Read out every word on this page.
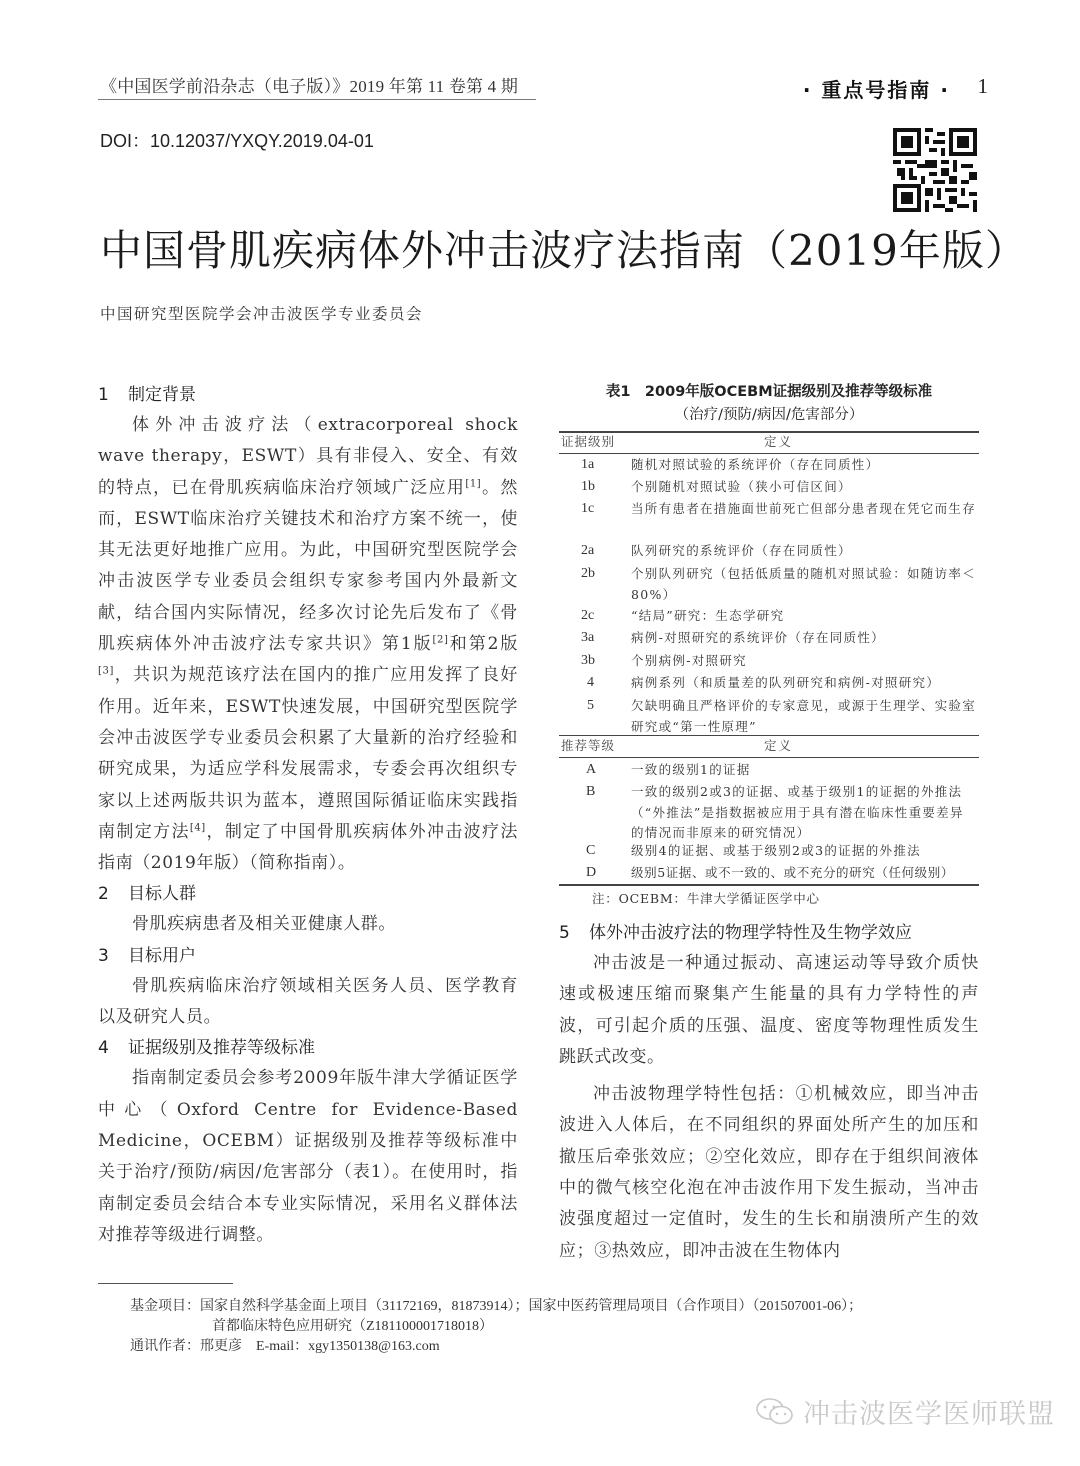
《中国医学前沿杂志（电子版）》2019 年第 11 卷第 4 期	· 重点号指南 · 1
DOI：10.12037/YXQY.2019.04-01
中国骨肌疾病体外冲击波疗法指南（2019年版）
中国研究型医院学会冲击波医学专业委员会
1 制定背景
体外冲击波疗法（extracorporeal shock wave therapy，ESWT）具有非侵入、安全、有效的特点，已在骨肌疾病临床治疗领域广泛应用[1]。然而，ESWT临床治疗关键技术和治疗方案不统一，使其无法更好地推广应用。为此，中国研究型医院学会冲击波医学专业委员会组织专家参考国内外最新文献，结合国内实际情况，经多次讨论先后发布了《骨肌疾病体外冲击波疗法专家共识》第1版[2]和第2版[3]，共识为规范该疗法在国内的推广应用发挥了良好作用。近年来，ESWT快速发展，中国研究型医院学会冲击波医学专业委员会积累了大量新的治疗经验和研究成果，为适应学科发展需求，专委会再次组织专家以上述两版共识为蓝本，遵照国际循证临床实践指南制定方法[4]，制定了中国骨肌疾病体外冲击波疗法指南（2019年版）（简称指南）。
2 目标人群
骨肌疾病患者及相关亚健康人群。
3 目标用户
骨肌疾病临床治疗领域相关医务人员、医学教育以及研究人员。
4 证据级别及推荐等级标准
指南制定委员会参考2009年版牛津大学循证医学中心（Oxford Centre for Evidence-Based Medicine，OCEBM）证据级别及推荐等级标准中关于治疗/预防/病因/危害部分（表1）。在使用时，指南制定委员会结合本专业实际情况，采用名义群体法对推荐等级进行调整。
表1　2009年版OCEBM证据级别及推荐等级标准
（治疗/预防/病因/危害部分）
证据级别	定义
1a	随机对照试验的系统评价（存在同质性）
1b	个别随机对照试验（狭小可信区间）
1c	当所有患者在措施面世前死亡但部分患者现在凭它而生存
2a	队列研究的系统评价（存在同质性）
2b	个别队列研究（包括低质量的随机对照试验：如随访率＜80%）
2c	“结局”研究：生态学研究
3a	病例-对照研究的系统评价（存在同质性）
3b	个别病例-对照研究
4	病例系列（和质量差的队列研究和病例-对照研究）
5	欠缺明确且严格评价的专家意见，或源于生理学、实验室研究或“第一性原理”
推荐等级	定义
A	一致的级别1的证据
B	一致的级别2或3的证据、或基于级别1的证据的外推法（“外推法”是指数据被应用于具有潜在临床性重要差异的情况而非原来的研究情况）
C	级别4的证据、或基于级别2或3的证据的外推法
D	级别5证据、或不一致的、或不充分的研究（任何级别）
注：OCEBM：牛津大学循证医学中心
5 体外冲击波疗法的物理学特性及生物学效应
冲击波是一种通过振动、高速运动等导致介质快速或极速压缩而聚集产生能量的具有力学特性的声波，可引起介质的压强、温度、密度等物理性质发生跳跃式改变。
冲击波物理学特性包括：①机械效应，即当冲击波进入人体后，在不同组织的界面处所产生的加压和撤压后牵张效应；②空化效应，即存在于组织间液体中的微气核空化泡在冲击波作用下发生振动，当冲击波强度超过一定值时，发生的生长和崩溃所产生的效应；③热效应，即冲击波在生物体内
基金项目：国家自然科学基金面上项目（31172169，81873914）；国家中医药管理局项目（合作项目）（201507001-06）；
首都临床特色应用研究（Z181100001718018）
通讯作者：邢更彦　E-mail：xgy1350138@163.com
冲击波医学医师联盟
